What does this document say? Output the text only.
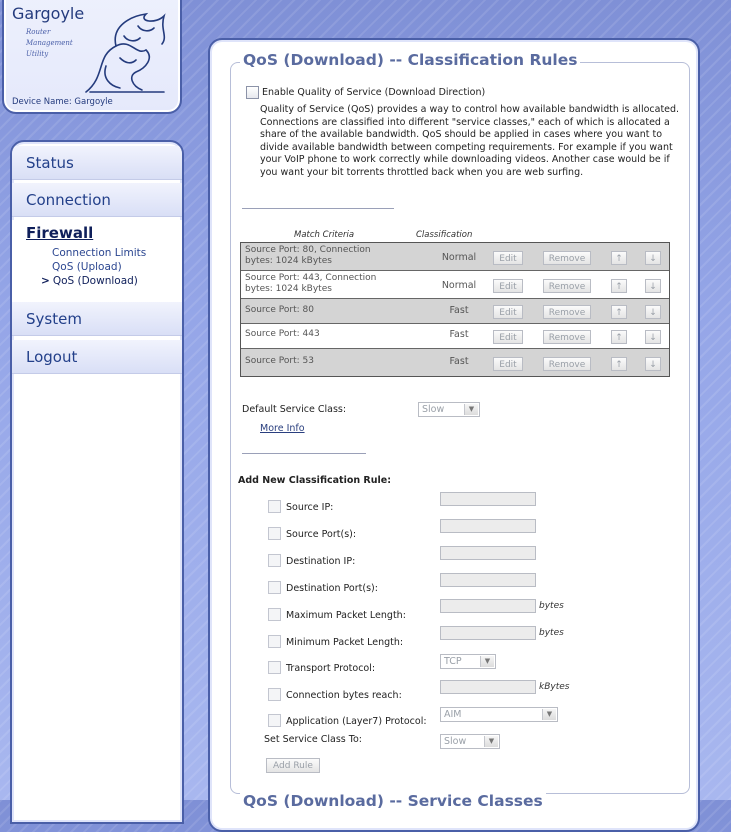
Gargoyle
Router
Management
Utility
Device Name: Gargoyle
Status
Connection
Firewall
Connection Limits
QoS (Upload)
> QoS (Download)
System
Logout
QoS (Download) -- Classification Rules
Enable Quality of Service (Download Direction)
Quality of Service (QoS) provides a way to control how available bandwidth is allocated. Connections are classified into different "service classes," each of which is allocated a share of the available bandwidth. QoS should be applied in cases where you want to divide available bandwidth between competing requirements. For example if you want your VoIP phone to work correctly while downloading videos. Another case would be if you want your bit torrents throttled back when you are web surfing.
Match Criteria	Classification
Source Port: 80, Connection bytes: 1024 kBytes	Normal	Edit	Remove	↑	↓
Source Port: 443, Connection bytes: 1024 kBytes	Normal	Edit	Remove	↑	↓
Source Port: 80	Fast	Edit	Remove	↑	↓
Source Port: 443	Fast	Edit	Remove	↑	↓
Source Port: 53	Fast	Edit	Remove	↑	↓
Default Service Class:	Slow	▼
More Info
Add New Classification Rule:
Source IP:
Source Port(s):
Destination IP:
Destination Port(s):
Maximum Packet Length:
bytes
Minimum Packet Length:
bytes
Transport Protocol:
TCP	▼
Connection bytes reach:
kBytes
Application (Layer7) Protocol:
AIM	▼
Set Service Class To:	Slow	▼
Add Rule
QoS (Download) -- Service Classes
